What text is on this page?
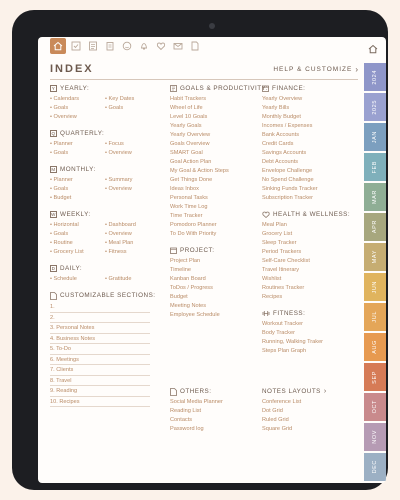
INDEX	HELP & CUSTOMIZE ›
Y YEARLY:
• Calendars
• Goals
• Overview
• Key Dates
• Goals
Q QUARTERLY:
• Planner
• Goals
• Focus
• Overview
M MONTHLY:
• Planner
• Goals
• Budget
• Summary
• Overview
W WEEKLY:
• Horizontal
• Goals
• Routine
• Grocery List
• Dashboard
• Overview
• Meal Plan
• Fitness
D DAILY:
• Schedule
•	Gratitude
CUSTOMIZABLE SECTIONS:
1.
2.
3. Personal Notes
4. Business Notes
5. To-Do
6. Meetings
7. Clients
8. Travel
9. Reading
10. Recipes
GOALS & PRODUCTIVITY:
Habit Trackers
Wheel of Life
Level 10 Goals
Yearly Goals
Yearly Overview
Goals Overview
SMART Goal
Goal Action Plan
My Goal & Action Steps
Get Things Done
Ideas Inbox
Personal Tasks
Work Time Log
Time Tracker
Pomodoro Planner
To Do With Priority
PROJECT:
Project Plan
Timeline
Kanban Board
ToDos / Progress
Budget
Meeting Notes
Employee Schedule
OTHERS:
Social Media Planner
Reading List
Contacts
Password log
FINANCE:
Yearly Overview
Yearly Bills
Monthly Budget
Incomes / Expenses
Bank Accounts
Credit Cards
Savings Accounts
Debt Accounts
Envelope Challenge
No Spend Challenge
Sinking Funds Tracker
Subscription Tracker
HEALTH & WELLNESS:
Meal Plan
Grocery List
Sleep Tracker
Period Trackers
Self-Care Checklist
Travel Itinerary
Wishlist
Routines Tracker
Recipes
FITNESS:
Workout Tracker
Body Tracker
Running, Walking Traker
Steps Plan Graph
NOTES LAYOUTS ›
Conference List
Dot Grid
Ruled Grid
Square Grid
2024
2025
JAN
FEB
MAR
APR
MAY
JUN
JUL
AUG
SEP
OCT
NOV
DEC
